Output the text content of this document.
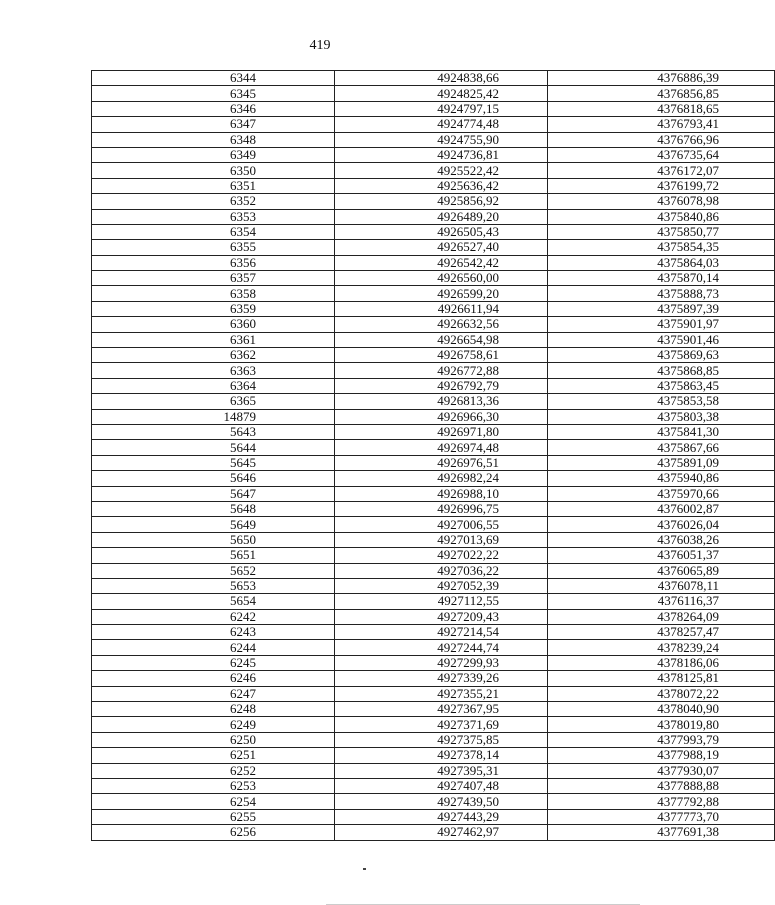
419
6344	4924838,66	4376886,39
6345	4924825,42	4376856,85
6346	4924797,15	4376818,65
6347	4924774,48	4376793,41
6348	4924755,90	4376766,96
6349	4924736,81	4376735,64
6350	4925522,42	4376172,07
6351	4925636,42	4376199,72
6352	4925856,92	4376078,98
6353	4926489,20	4375840,86
6354	4926505,43	4375850,77
6355	4926527,40	4375854,35
6356	4926542,42	4375864,03
6357	4926560,00	4375870,14
6358	4926599,20	4375888,73
6359	4926611,94	4375897,39
6360	4926632,56	4375901,97
6361	4926654,98	4375901,46
6362	4926758,61	4375869,63
6363	4926772,88	4375868,85
6364	4926792,79	4375863,45
6365	4926813,36	4375853,58
14879	4926966,30	4375803,38
5643	4926971,80	4375841,30
5644	4926974,48	4375867,66
5645	4926976,51	4375891,09
5646	4926982,24	4375940,86
5647	4926988,10	4375970,66
5648	4926996,75	4376002,87
5649	4927006,55	4376026,04
5650	4927013,69	4376038,26
5651	4927022,22	4376051,37
5652	4927036,22	4376065,89
5653	4927052,39	4376078,11
5654	4927112,55	4376116,37
6242	4927209,43	4378264,09
6243	4927214,54	4378257,47
6244	4927244,74	4378239,24
6245	4927299,93	4378186,06
6246	4927339,26	4378125,81
6247	4927355,21	4378072,22
6248	4927367,95	4378040,90
6249	4927371,69	4378019,80
6250	4927375,85	4377993,79
6251	4927378,14	4377988,19
6252	4927395,31	4377930,07
6253	4927407,48	4377888,88
6254	4927439,50	4377792,88
6255	4927443,29	4377773,70
6256	4927462,97	4377691,38
